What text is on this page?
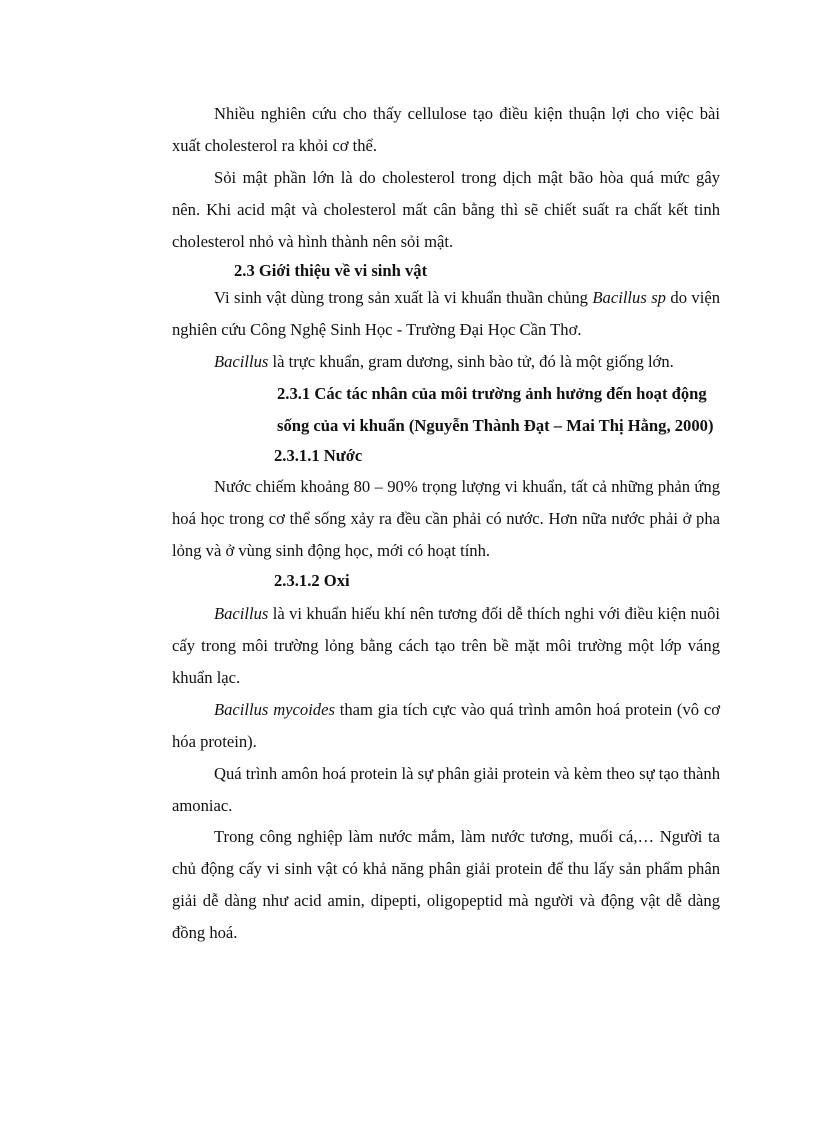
Nhiều nghiên cứu cho thấy cellulose tạo điều kiện thuận lợi cho việc bài xuất cholesterol ra khỏi cơ thể.

Sỏi mật phần lớn là do cholesterol trong dịch mật bão hòa quá mức gây nên. Khi acid mật và cholesterol mất cân bằng thì sẽ chiết suất ra chất kết tinh cholesterol nhỏ và hình thành nên sỏi mật.

2.3 Giới thiệu về vi sinh vật

Vi sinh vật dùng trong sản xuất là vi khuẩn thuần chủng Bacillus sp do viện nghiên cứu Công Nghệ Sinh Học - Trường Đại Học Cần Thơ.

Bacillus là trực khuẩn, gram dương, sinh bào tử, đó là một giống lớn.

2.3.1 Các tác nhân của môi trường ảnh hưởng đến hoạt động
sống của vi khuẩn (Nguyễn Thành Đạt – Mai Thị Hằng, 2000)
2.3.1.1 Nước

Nước chiếm khoảng 80 – 90% trọng lượng vi khuẩn, tất cả những phản ứng hoá học trong cơ thể sống xảy ra đều cần phải có nước. Hơn nữa nước phải ở pha lỏng và ở vùng sinh động học, mới có hoạt tính.

2.3.1.2 Oxi

Bacillus là vi khuẩn hiếu khí nên tương đối dễ thích nghi với điều kiện nuôi cấy trong môi trường lỏng bằng cách tạo trên bề mặt môi trường một lớp váng khuẩn lạc.

Bacillus mycoides tham gia tích cực vào quá trình amôn hoá protein (vô cơ hóa protein).

Quá trình amôn hoá protein là sự phân giải protein và kèm theo sự tạo thành amoniac.

Trong công nghiệp làm nước mắm, làm nước tương, muối cá,… Người ta chủ động cấy vi sinh vật có khả năng phân giải protein để thu lấy sản phẩm phân giải dễ dàng như acid amin, dipepti, oligopeptid mà người và động vật dễ dàng đồng hoá.
